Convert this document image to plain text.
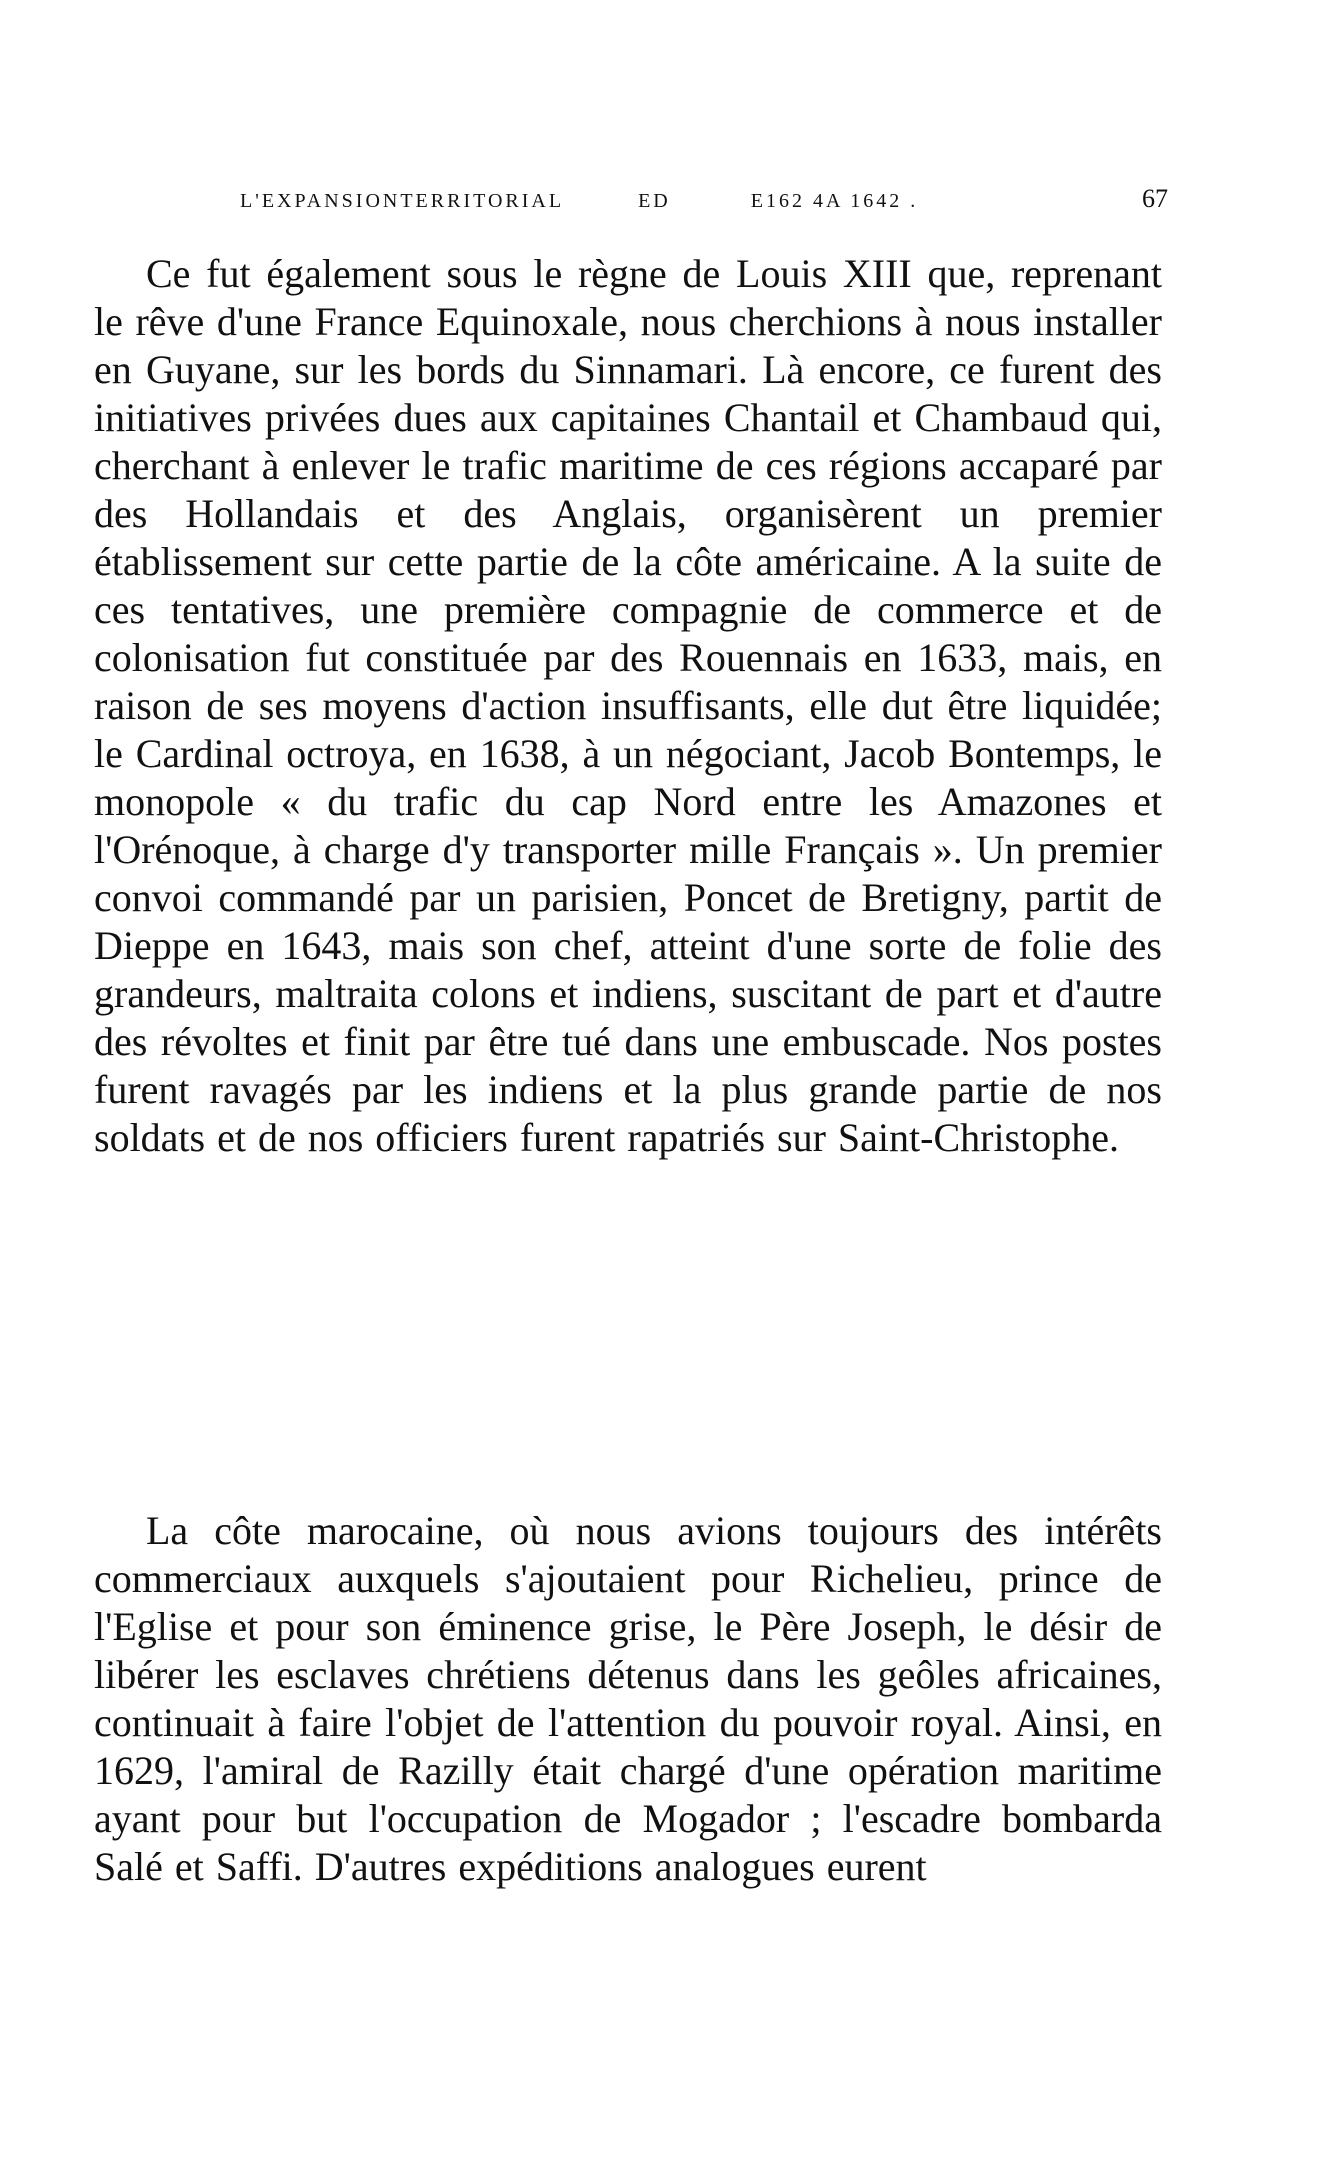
L'EXPANSIONTERRITORIAL	ED	E162 4A 1642 .	67

Ce fut également sous le règne de Louis XIII que, reprenant le rêve d'une France Equinoxale, nous cherchions à nous installer en Guyane, sur les bords du Sinnamari. Là encore, ce furent des initiatives privées dues aux capitaines Chantail et Chambaud qui, cherchant à enlever le trafic maritime de ces régions accaparé par des Hollandais et des Anglais, organisèrent un premier établissement sur cette partie de la côte américaine. A la suite de ces tentatives, une première compagnie de commerce et de colonisation fut constituée par des Rouennais en 1633, mais, en raison de ses moyens d'action insuffisants, elle dut être liquidée; le Cardinal octroya, en 1638, à un négociant, Jacob Bontemps, le monopole « du trafic du cap Nord entre les Amazones et l'Orénoque, à charge d'y transporter mille Français ». Un premier convoi commandé par un parisien, Poncet de Bretigny, partit de Dieppe en 1643, mais son chef, atteint d'une sorte de folie des grandeurs, maltraita colons et indiens, suscitant de part et d'autre des révoltes et finit par être tué dans une embuscade. Nos postes furent ravagés par les indiens et la plus grande partie de nos soldats et de nos officiers furent rapatriés sur Saint-Christophe.

La côte marocaine, où nous avions toujours des intérêts commerciaux auxquels s'ajoutaient pour Richelieu, prince de l'Eglise et pour son éminence grise, le Père Joseph, le désir de libérer les esclaves chrétiens détenus dans les geôles africaines, continuait à faire l'objet de l'attention du pouvoir royal. Ainsi, en 1629, l'amiral de Razilly était chargé d'une opération maritime ayant pour but l'occupation de Mogador ; l'escadre bombarda Salé et Saffi. D'autres expéditions analogues eurent
